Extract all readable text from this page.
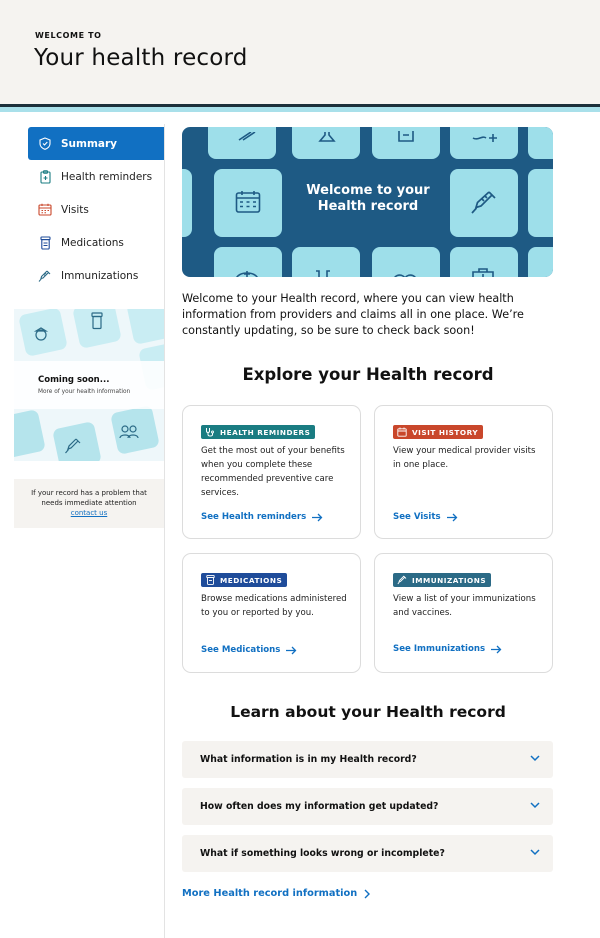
WELCOME TO
Your health record
Summary
Health reminders
Visits
Medications
Immunizations
Coming soon...
More of your health information
If your record has a problem that needs immediate attention
contact us
Welcome to your Health record

Welcome to your Health record, where you can view health information from providers and claims all in one place. We’re constantly updating, so be sure to check back soon!

Explore your Health record
HEALTH REMINDERS
Get the most out of your benefits when you complete these recommended preventive care services.
See Health reminders
VISIT HISTORY
View your medical provider visits in one place.
See Visits
MEDICATIONS
Browse medications administered to you or reported by you.
See Medications
IMMUNIZATIONS
View a list of your immunizations and vaccines.
See Immunizations
Learn about your Health record
What information is in my Health record?
How often does my information get updated?
What if something looks wrong or incomplete?
More Health record information
